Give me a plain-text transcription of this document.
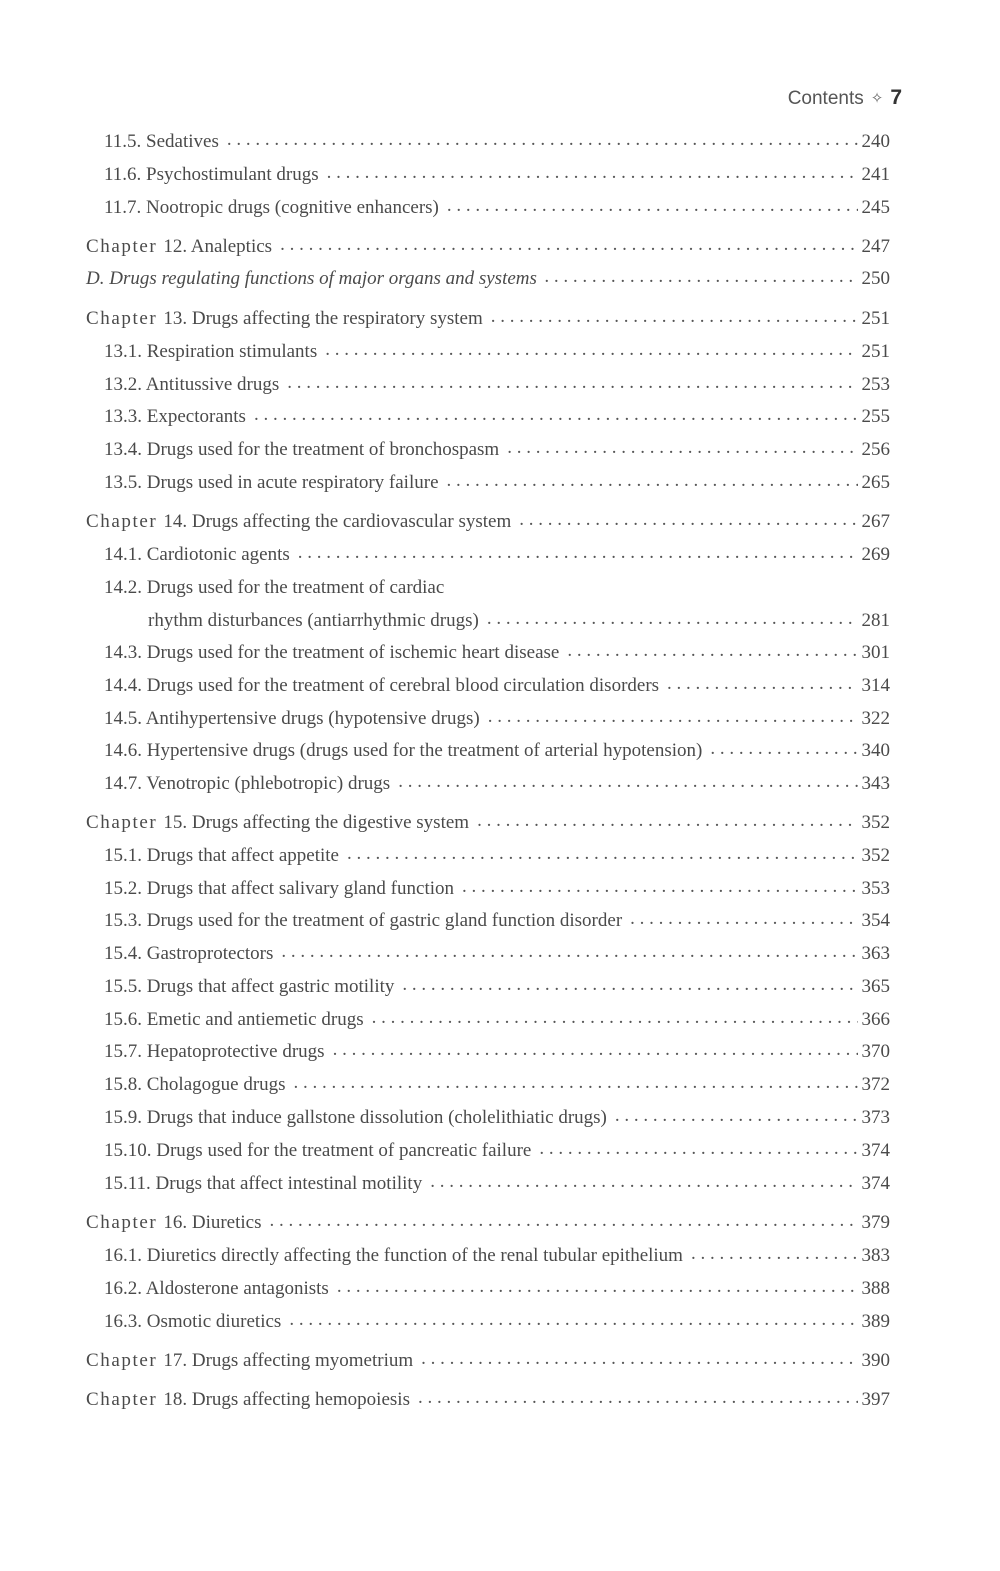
Contents ✧ 7
11.5. Sedatives . . .	240
11.6. Psychostimulant drugs . . .	241
11.7. Nootropic drugs (cognitive enhancers) . . .	245
Chapter 12. Analeptics . . .	247
D. Drugs regulating functions of major organs and systems . . .	250
Chapter 13. Drugs affecting the respiratory system . . .	251
13.1. Respiration stimulants . . .	251
13.2. Antitussive drugs . . .	253
13.3. Expectorants . . .	255
13.4. Drugs used for the treatment of bronchospasm . . .	256
13.5. Drugs used in acute respiratory failure . . .	265
Chapter 14. Drugs affecting the cardiovascular system . . .	267
14.1. Cardiotonic agents . . .	269
14.2. Drugs used for the treatment of cardiac
rhythm disturbances (antiarrhythmic drugs) . . .	281
14.3. Drugs used for the treatment of ischemic heart disease . . .	301
14.4. Drugs used for the treatment of cerebral blood circulation disorders . . .	314
14.5. Antihypertensive drugs (hypotensive drugs) . . .	322
14.6. Hypertensive drugs (drugs used for the treatment of arterial hypotension) . . .	340
14.7. Venotropic (phlebotropic) drugs . . .	343
Chapter 15. Drugs affecting the digestive system . . .	352
15.1. Drugs that affect appetite . . .	352
15.2. Drugs that affect salivary gland function . . .	353
15.3. Drugs used for the treatment of gastric gland function disorder . . .	354
15.4. Gastroprotectors . . .	363
15.5. Drugs that affect gastric motility . . .	365
15.6. Emetic and antiemetic drugs . . .	366
15.7. Hepatoprotective drugs . . .	370
15.8. Cholagogue drugs . . .	372
15.9. Drugs that induce gallstone dissolution (cholelithiatic drugs) . . .	373
15.10. Drugs used for the treatment of pancreatic failure . . .	374
15.11. Drugs that affect intestinal motility . . .	374
Chapter 16. Diuretics . . .	379
16.1. Diuretics directly affecting the function of the renal tubular epithelium . . .	383
16.2. Aldosterone antagonists . . .	388
16.3. Osmotic diuretics . . .	389
Chapter 17. Drugs affecting myometrium . . .	390
Chapter 18. Drugs affecting hemopoiesis . . .	397
